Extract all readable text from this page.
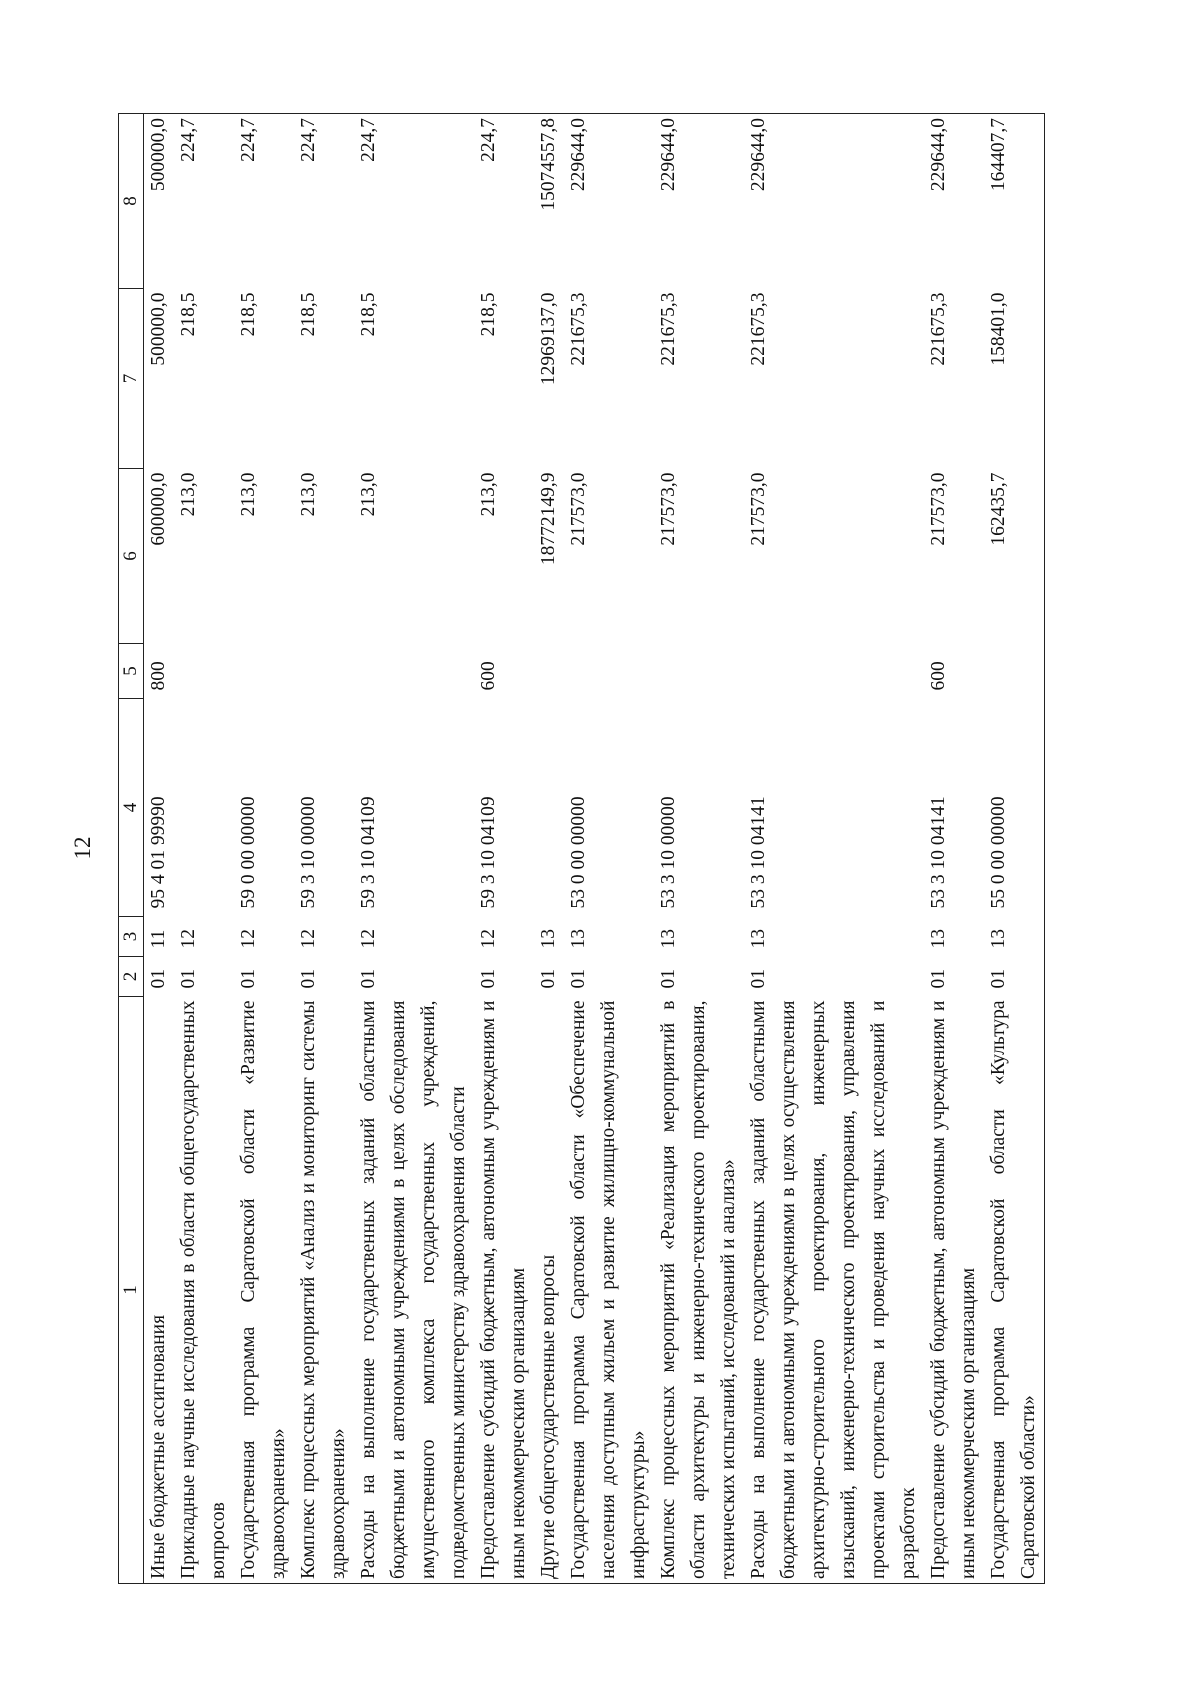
12
1	2	3	4	5	6	7	8
Иные бюджетные ассигнования	01	11	95 4 01 99990	800	600000,0	500000,0	500000,0
Прикладные научные исследования в области общегосударственных вопросов	01	12			213,0	218,5	224,7
Государственная программа Саратовской области «Развитие здравоохранения»	01	12	59 0 00 00000		213,0	218,5	224,7
Комплекс процессных мероприятий «Анализ и мониторинг системы здравоохранения»	01	12	59 3 10 00000		213,0	218,5	224,7
Расходы на выполнение государственных заданий областными бюджетными и автономными учреждениями в целях обследования имущественного комплекса государственных учреждений, подведомственных министерству здравоохранения области	01	12	59 3 10 04109		213,0	218,5	224,7
Предоставление субсидий бюджетным, автономным учреждениям и иным некоммерческим организациям	01	12	59 3 10 04109	600	213,0	218,5	224,7
Другие общегосударственные вопросы	01	13			18772149,9	12969137,0	15074557,8
Государственная программа Саратовской области «Обеспечение населения доступным жильем и развитие жилищно-коммунальной инфраструктуры»	01	13	53 0 00 00000		217573,0	221675,3	229644,0
Комплекс процессных мероприятий «Реализация мероприятий в области архитектуры и инженерно-технического проектирования, технических испытаний, исследований и анализа»	01	13	53 3 10 00000		217573,0	221675,3	229644,0
Расходы на выполнение государственных заданий областными бюджетными и автономными учреждениями в целях осуществления архитектурно-строительного проектирования, инженерных изысканий, инженерно-технического проектирования, управления проектами строительства и проведения научных исследований и разработок	01	13	53 3 10 04141		217573,0	221675,3	229644,0
Предоставление субсидий бюджетным, автономным учреждениям и иным некоммерческим организациям	01	13	53 3 10 04141	600	217573,0	221675,3	229644,0
Государственная программа Саратовской области «Культура Саратовской области»	01	13	55 0 00 00000		162435,7	158401,0	164407,7
